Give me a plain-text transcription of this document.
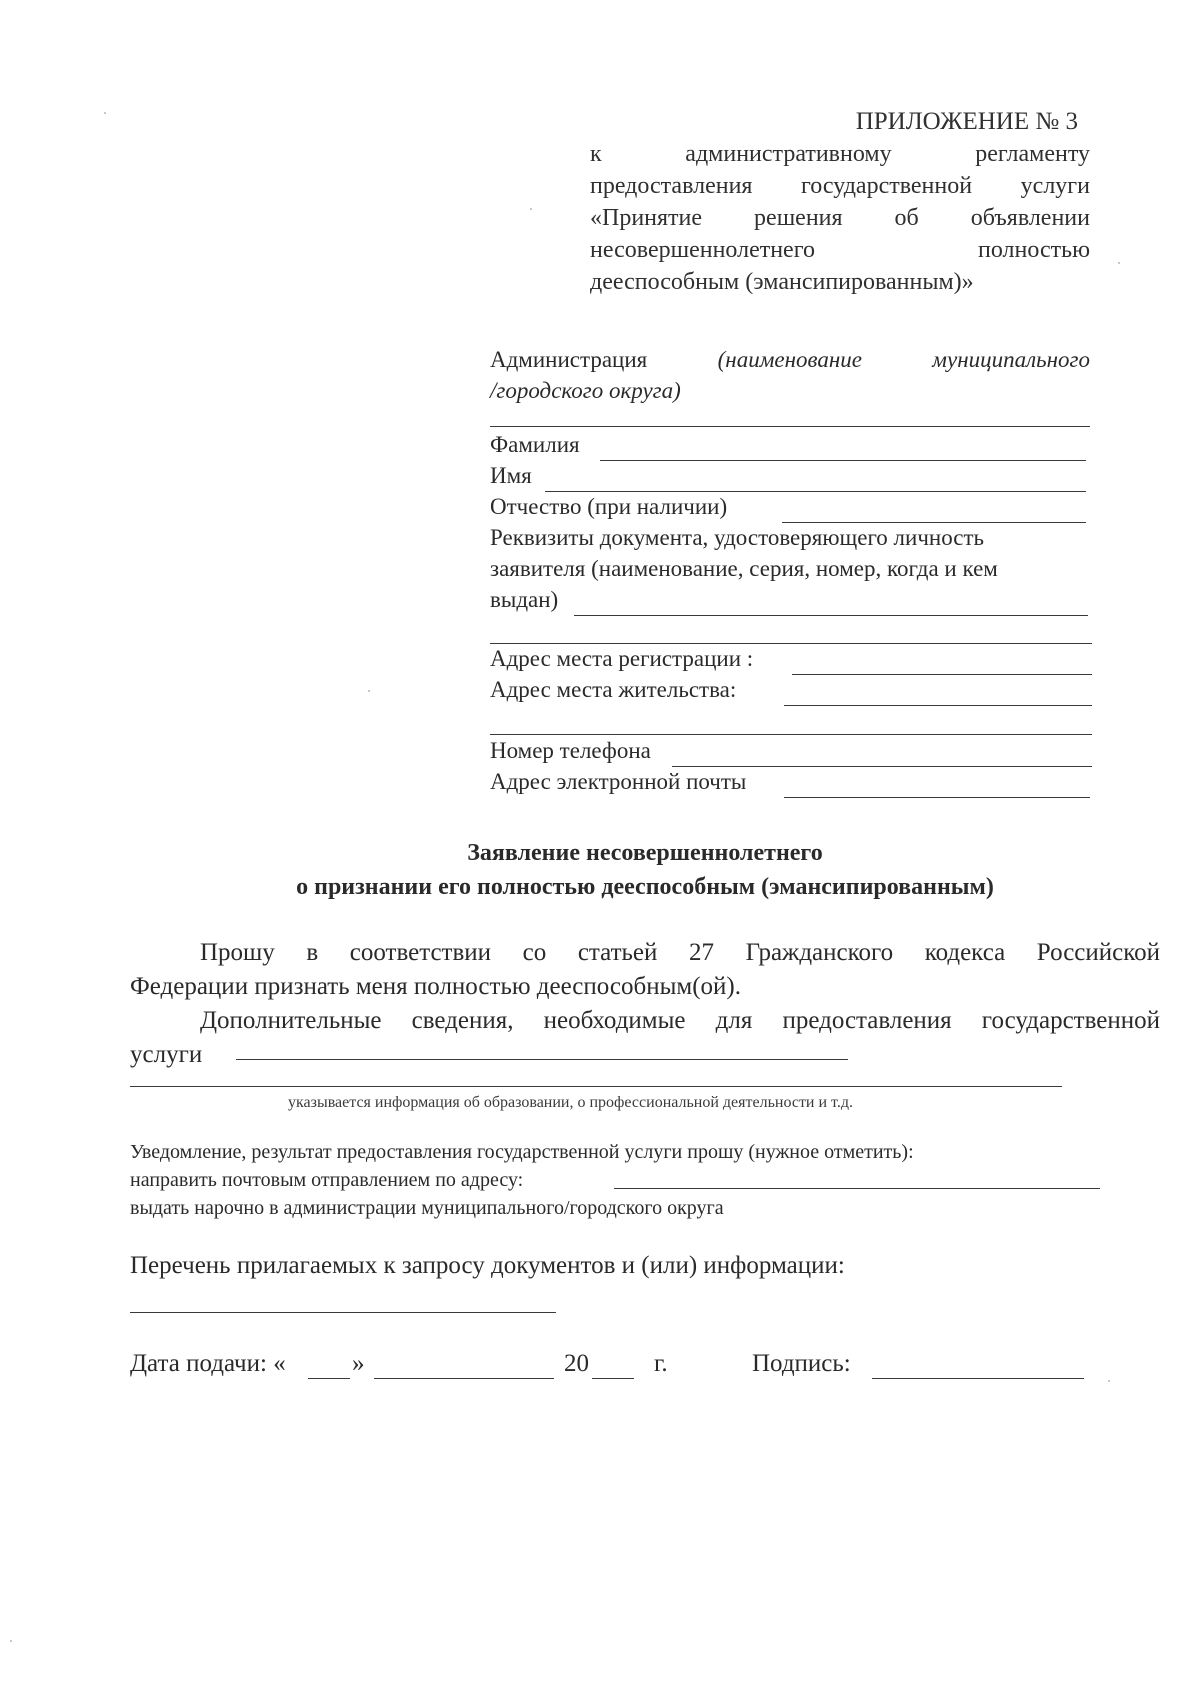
ПРИЛОЖЕНИЕ № 3
к административному регламенту
предоставления государственной услуги
«Принятие решения об объявлении
несовершеннолетнего полностью
дееспособным (эмансипированным)»
Администрация	(наименование муниципального
/городского округа)
Фамилия
Имя
Отчество (при наличии)
Реквизиты документа, удостоверяющего личность
заявителя (наименование, серия, номер, когда и кем
выдан)
Адрес места регистрации :
Адрес места жительства:
Номер телефона
Адрес электронной почты
Заявление несовершеннолетнего
о признании его полностью дееспособным (эмансипированным)
Прошу в соответствии со статьей 27 Гражданского кодекса Российской
Федерации признать меня полностью дееспособным(ой).
Дополнительные сведения, необходимые для предоставления государственной
услуги
указывается информация об образовании, о профессиональной деятельности и т.д.
Уведомление, результат предоставления государственной услуги прошу (нужное отметить):
направить почтовым отправлением по адресу:
выдать нарочно в администрации муниципального/городского округа
Перечень прилагаемых к запросу документов и (или) информации:
Дата подачи: «	»	20	г.	Подпись:
